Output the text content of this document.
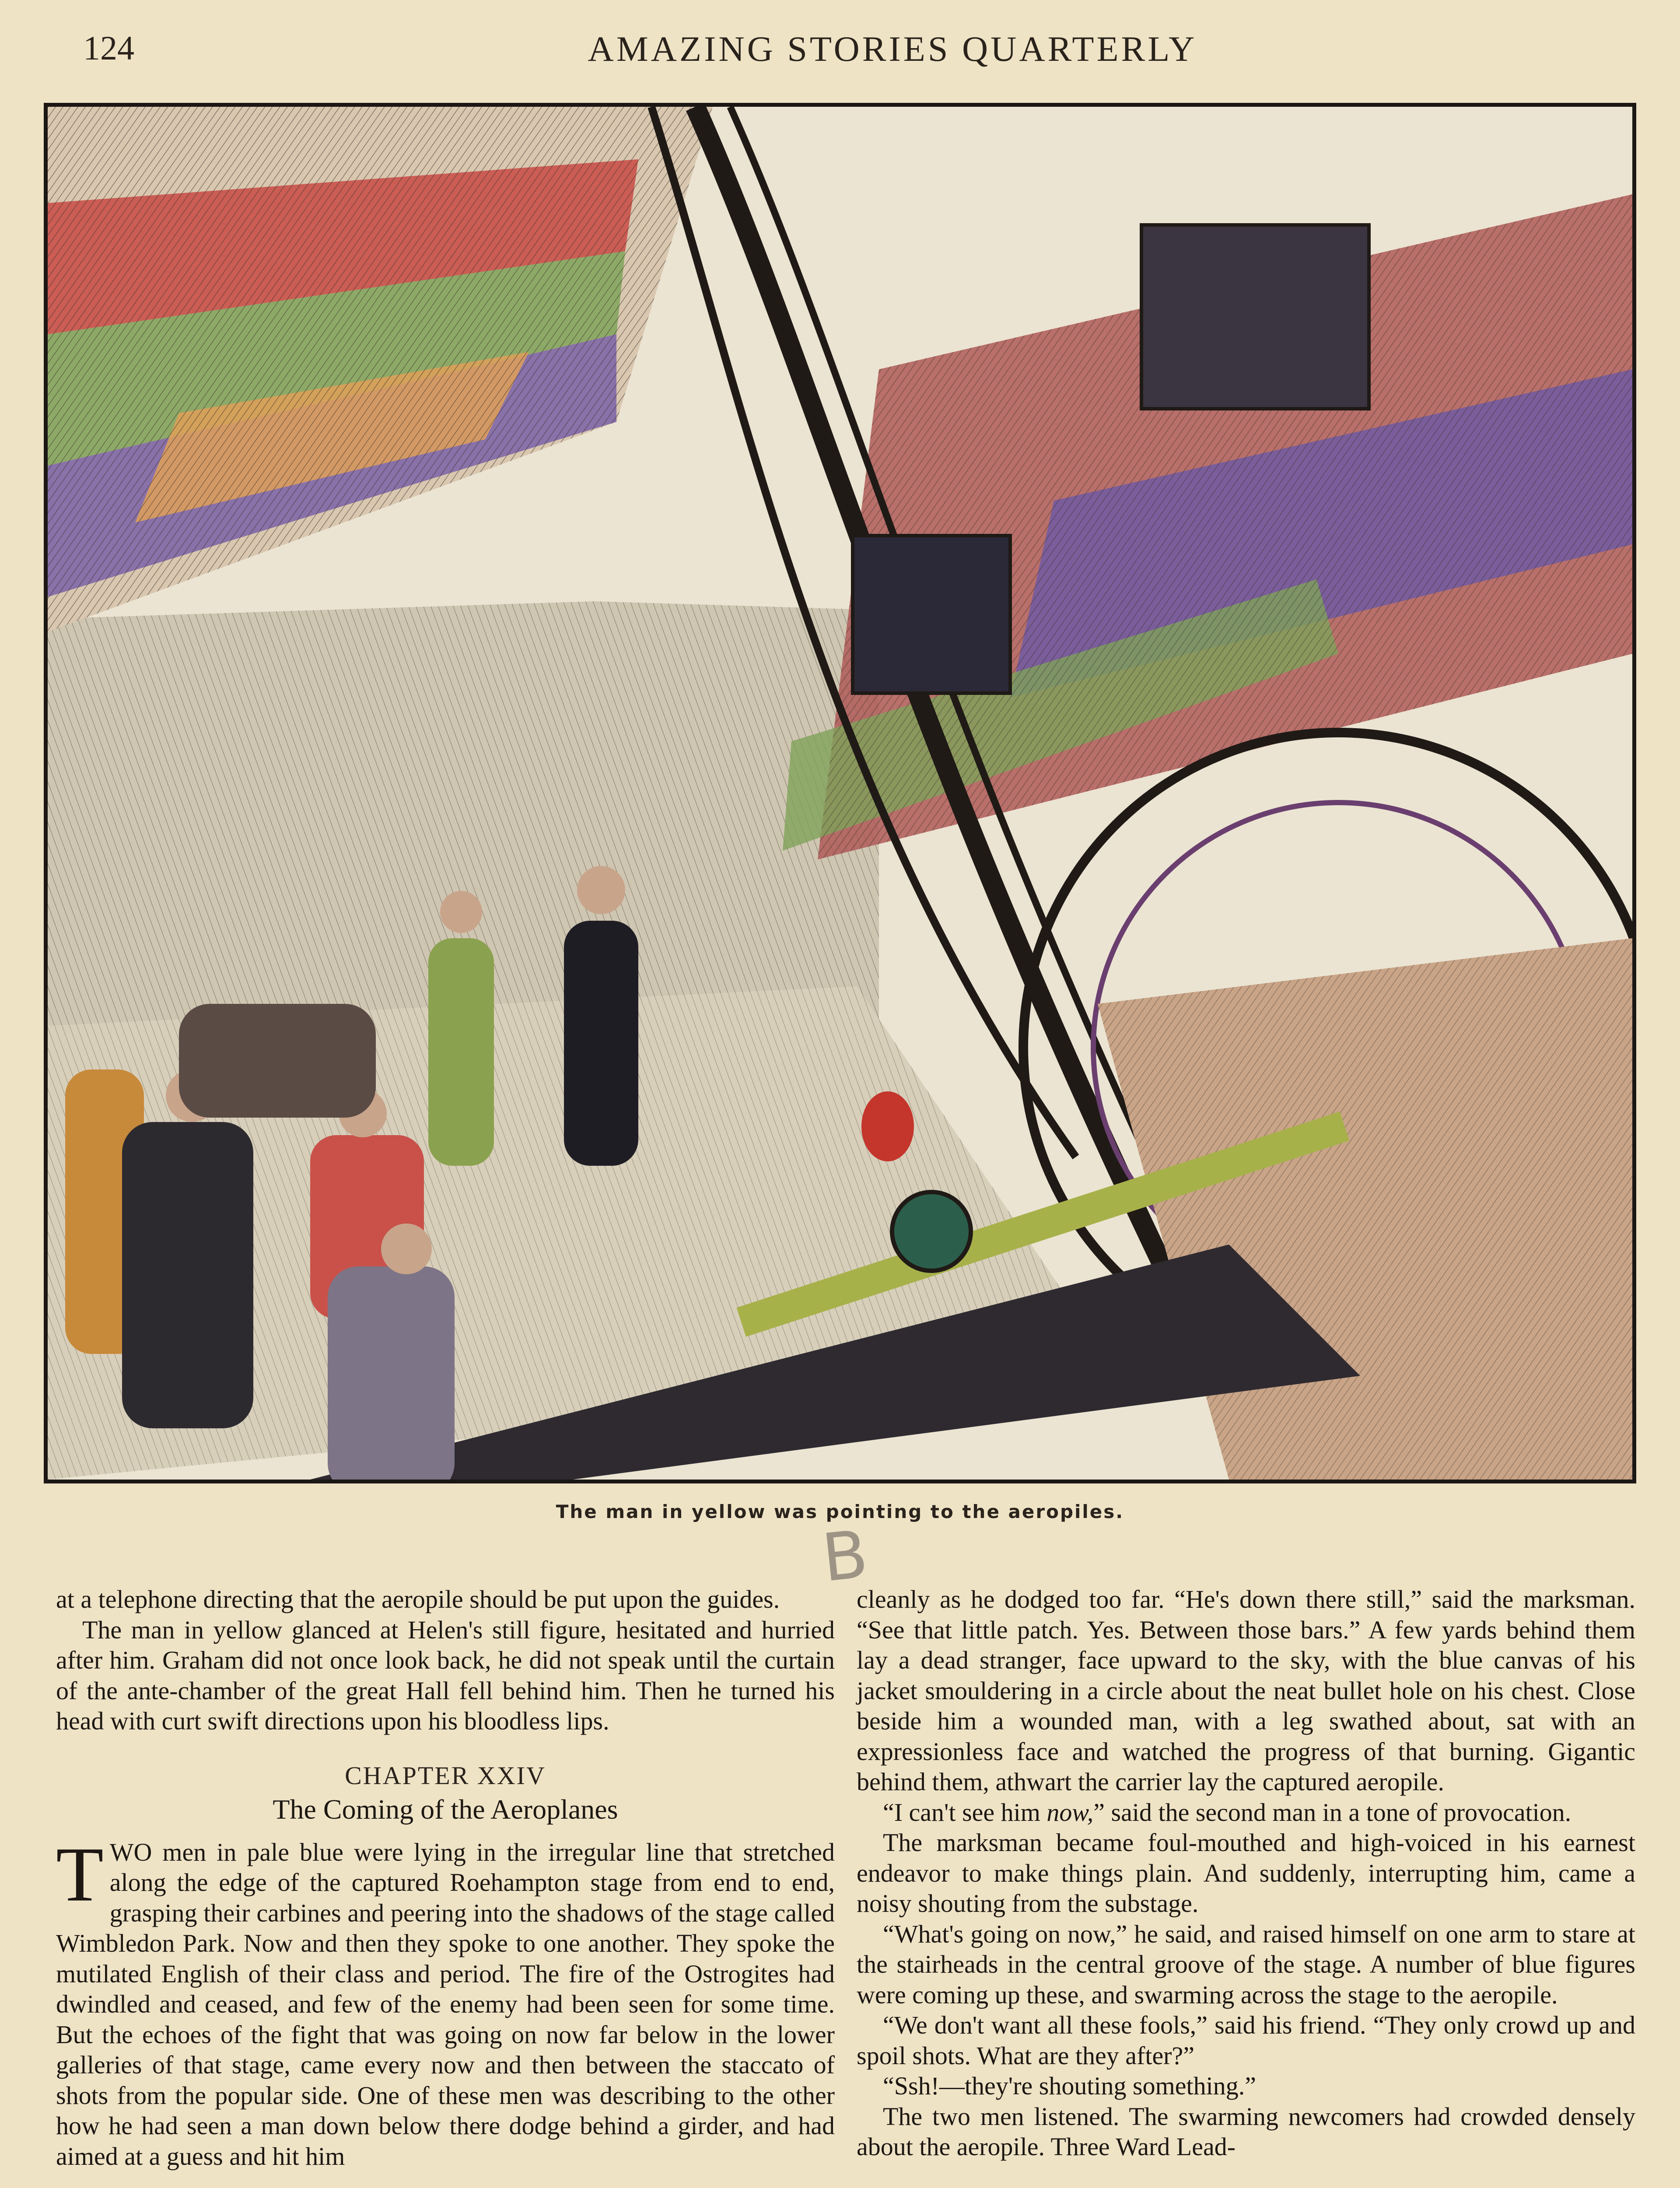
124	AMAZING STORIES QUARTERLY
The man in yellow was pointing to the aeropiles.
B

at a telephone directing that the aeropile should be put upon the guides.

The man in yellow glanced at Helen's still figure, hesitated and hurried after him. Graham did not once look back, he did not speak until the curtain of the ante-chamber of the great Hall fell behind him. Then he turned his head with curt swift directions upon his bloodless lips.

CHAPTER XXIV
The Coming of the Aeroplanes

TWO men in pale blue were lying in the irregular line that stretched along the edge of the captured Roehampton stage from end to end, grasping their carbines and peering into the shadows of the stage called Wimbledon Park. Now and then they spoke to one another. They spoke the mutilated English of their class and period. The fire of the Ostrogites had dwindled and ceased, and few of the enemy had been seen for some time. But the echoes of the fight that was going on now far below in the lower galleries of that stage, came every now and then between the staccato of shots from the popular side. One of these men was describing to the other how he had seen a man down below there dodge behind a girder, and had aimed at a guess and hit him

cleanly as he dodged too far. “He's down there still,” said the marksman. “See that little patch. Yes. Between those bars.” A few yards behind them lay a dead stranger, face upward to the sky, with the blue canvas of his jacket smouldering in a circle about the neat bullet hole on his chest. Close beside him a wounded man, with a leg swathed about, sat with an expressionless face and watched the progress of that burning. Gigantic behind them, athwart the carrier lay the captured aeropile.

“I can't see him now,” said the second man in a tone of provocation.

The marksman became foul-mouthed and high-voiced in his earnest endeavor to make things plain. And suddenly, interrupting him, came a noisy shouting from the substage.

“What's going on now,” he said, and raised himself on one arm to stare at the stairheads in the central groove of the stage. A number of blue figures were coming up these, and swarming across the stage to the aeropile.

“We don't want all these fools,” said his friend. “They only crowd up and spoil shots. What are they after?”

“Ssh!—they're shouting something.”

The two men listened. The swarming newcomers had crowded densely about the aeropile. Three Ward Lead-
